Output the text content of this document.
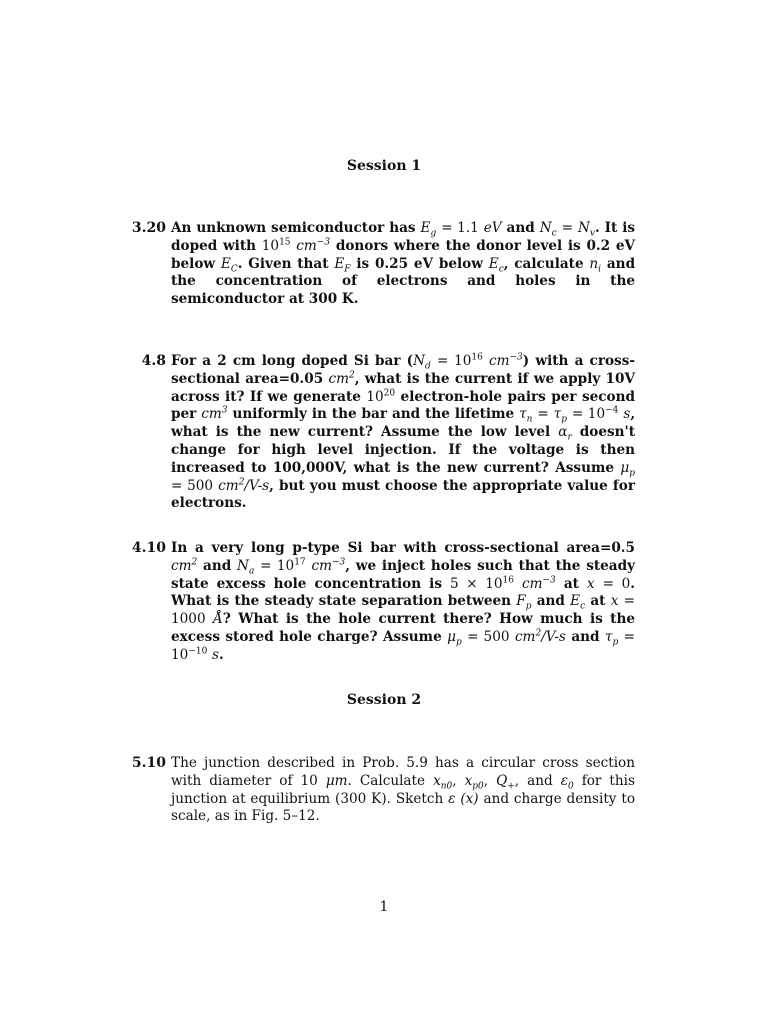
Session 1
3.20 An unknown semiconductor has $E_g = 1.1$ eV and $N_c = N_v$. It is doped with $10^{15}$ $cm^{-3}$ donors where the donor level is 0.2 eV below $E_C$. Given that $E_F$ is 0.25 eV below $E_c$, calculate $n_i$ and the concentration of electrons and holes in the semiconductor at 300 K.
4.8 For a 2 cm long doped Si bar ($N_d = 10^{16}$ $cm^{-3}$) with a cross-sectional area=0.05 $cm^2$, what is the current if we apply 10V across it? If we generate $10^{20}$ electron-hole pairs per second per $cm^3$ uniformly in the bar and the lifetime $\tau_n = \tau_p = 10^{-4}$ s, what is the new current? Assume the low level $\alpha_r$ doesn't change for high level injection. If the voltage is then increased to 100,000V, what is the new current? Assume $\mu_p = 500$ $cm^2/V-s$, but you must choose the appropriate value for electrons.
4.10 In a very long p-type Si bar with cross-sectional area=0.5 $cm^2$ and $N_a = 10^{17}$ $cm^{-3}$, we inject holes such that the steady state excess hole concentration is $5 \times 10^{16}$ $cm^{-3}$ at x = 0. What is the steady state separation between $F_p$ and $E_c$ at x = 1000 Å? What is the hole current there? How much is the excess stored hole charge? Assume $\mu_p = 500$ $cm^2/V-s$ and $\tau_p = 10^{-10}$ s.
Session 2
5.10 The junction described in Prob. 5.9 has a circular cross section with diameter of 10 μm. Calculate $x_{n0}$, $x_{p0}$, $Q_+$, and $\varepsilon_0$ for this junction at equilibrium (300 K). Sketch ε (x) and charge density to scale, as in Fig. 5–12.
1
